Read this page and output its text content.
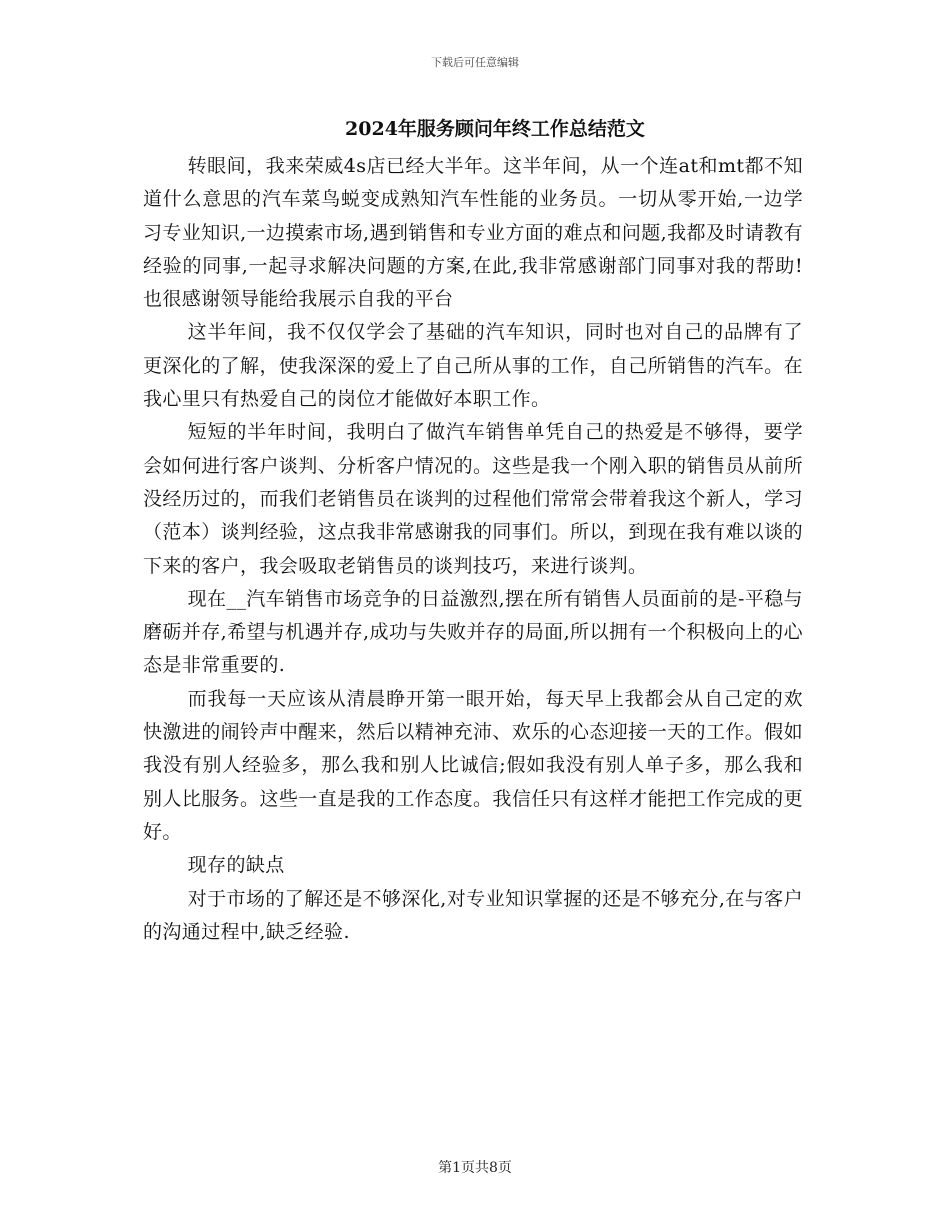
下载后可任意编辑
2024年服务顾问年终工作总结范文

转眼间，我来荣威4s店已经大半年。这半年间，从一个连at和mt都不知道什么意思的汽车菜鸟蜕变成熟知汽车性能的业务员。一切从零开始,一边学习专业知识,一边摸索市场,遇到销售和专业方面的难点和问题,我都及时请教有经验的同事,一起寻求解决问题的方案,在此,我非常感谢部门同事对我的帮助!也很感谢领导能给我展示自我的平台

这半年间，我不仅仅学会了基础的汽车知识，同时也对自己的品牌有了更深化的了解，使我深深的爱上了自己所从事的工作，自己所销售的汽车。在我心里只有热爱自己的岗位才能做好本职工作。

短短的半年时间，我明白了做汽车销售单凭自己的热爱是不够得，要学会如何进行客户谈判、分析客户情况的。这些是我一个刚入职的销售员从前所没经历过的，而我们老销售员在谈判的过程他们常常会带着我这个新人，学习（范本）谈判经验，这点我非常感谢我的同事们。所以，到现在我有难以谈的下来的客户，我会吸取老销售员的谈判技巧，来进行谈判。

现在__汽车销售市场竞争的日益激烈,摆在所有销售人员面前的是-平稳与磨砺并存,希望与机遇并存,成功与失败并存的局面,所以拥有一个积极向上的心态是非常重要的.

而我每一天应该从清晨睁开第一眼开始，每天早上我都会从自己定的欢快激进的闹铃声中醒来，然后以精神充沛、欢乐的心态迎接一天的工作。假如我没有别人经验多，那么我和别人比诚信;假如我没有别人单子多，那么我和别人比服务。这些一直是我的工作态度。我信任只有这样才能把工作完成的更好。

现存的缺点

对于市场的了解还是不够深化,对专业知识掌握的还是不够充分,在与客户的沟通过程中,缺乏经验.

第1页共8页
